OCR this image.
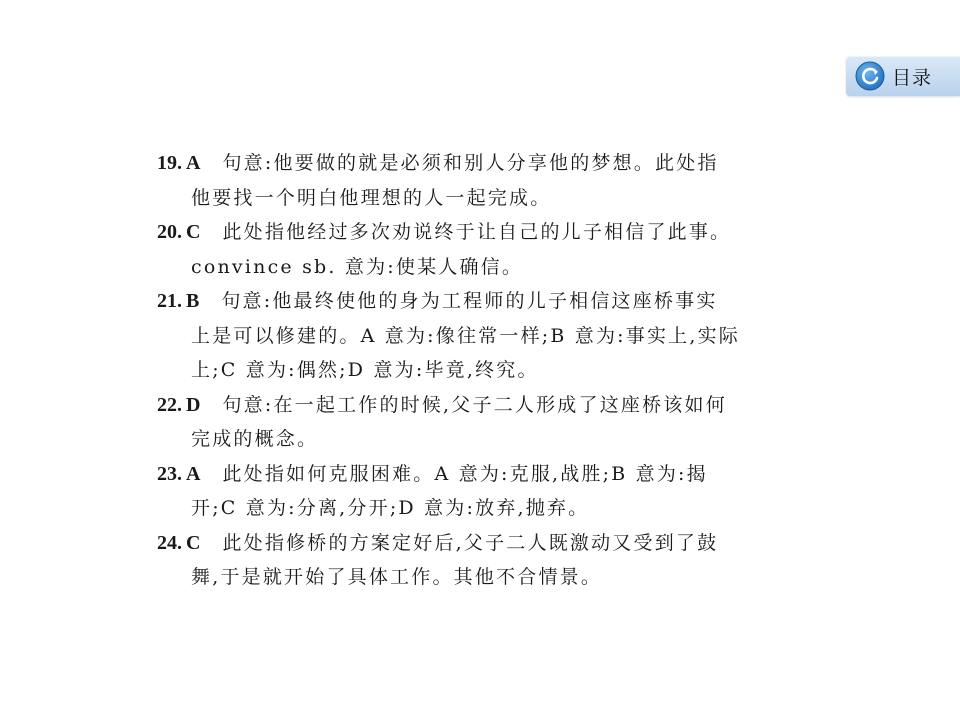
目录
19. A 句意:他要做的就是必须和别人分享他的梦想。此处指
他要找一个明白他理想的人一起完成。
20. C 此处指他经过多次劝说终于让自己的儿子相信了此事。
convince sb. 意为:使某人确信。
21. B 句意:他最终使他的身为工程师的儿子相信这座桥事实
上是可以修建的。A 意为:像往常一样;B 意为:事实上,实际
上;C 意为:偶然;D 意为:毕竟,终究。
22. D 句意:在一起工作的时候,父子二人形成了这座桥该如何
完成的概念。
23. A 此处指如何克服困难。A 意为:克服,战胜;B 意为:揭
开;C 意为:分离,分开;D 意为:放弃,抛弃。
24. C 此处指修桥的方案定好后,父子二人既激动又受到了鼓
舞,于是就开始了具体工作。其他不合情景。
